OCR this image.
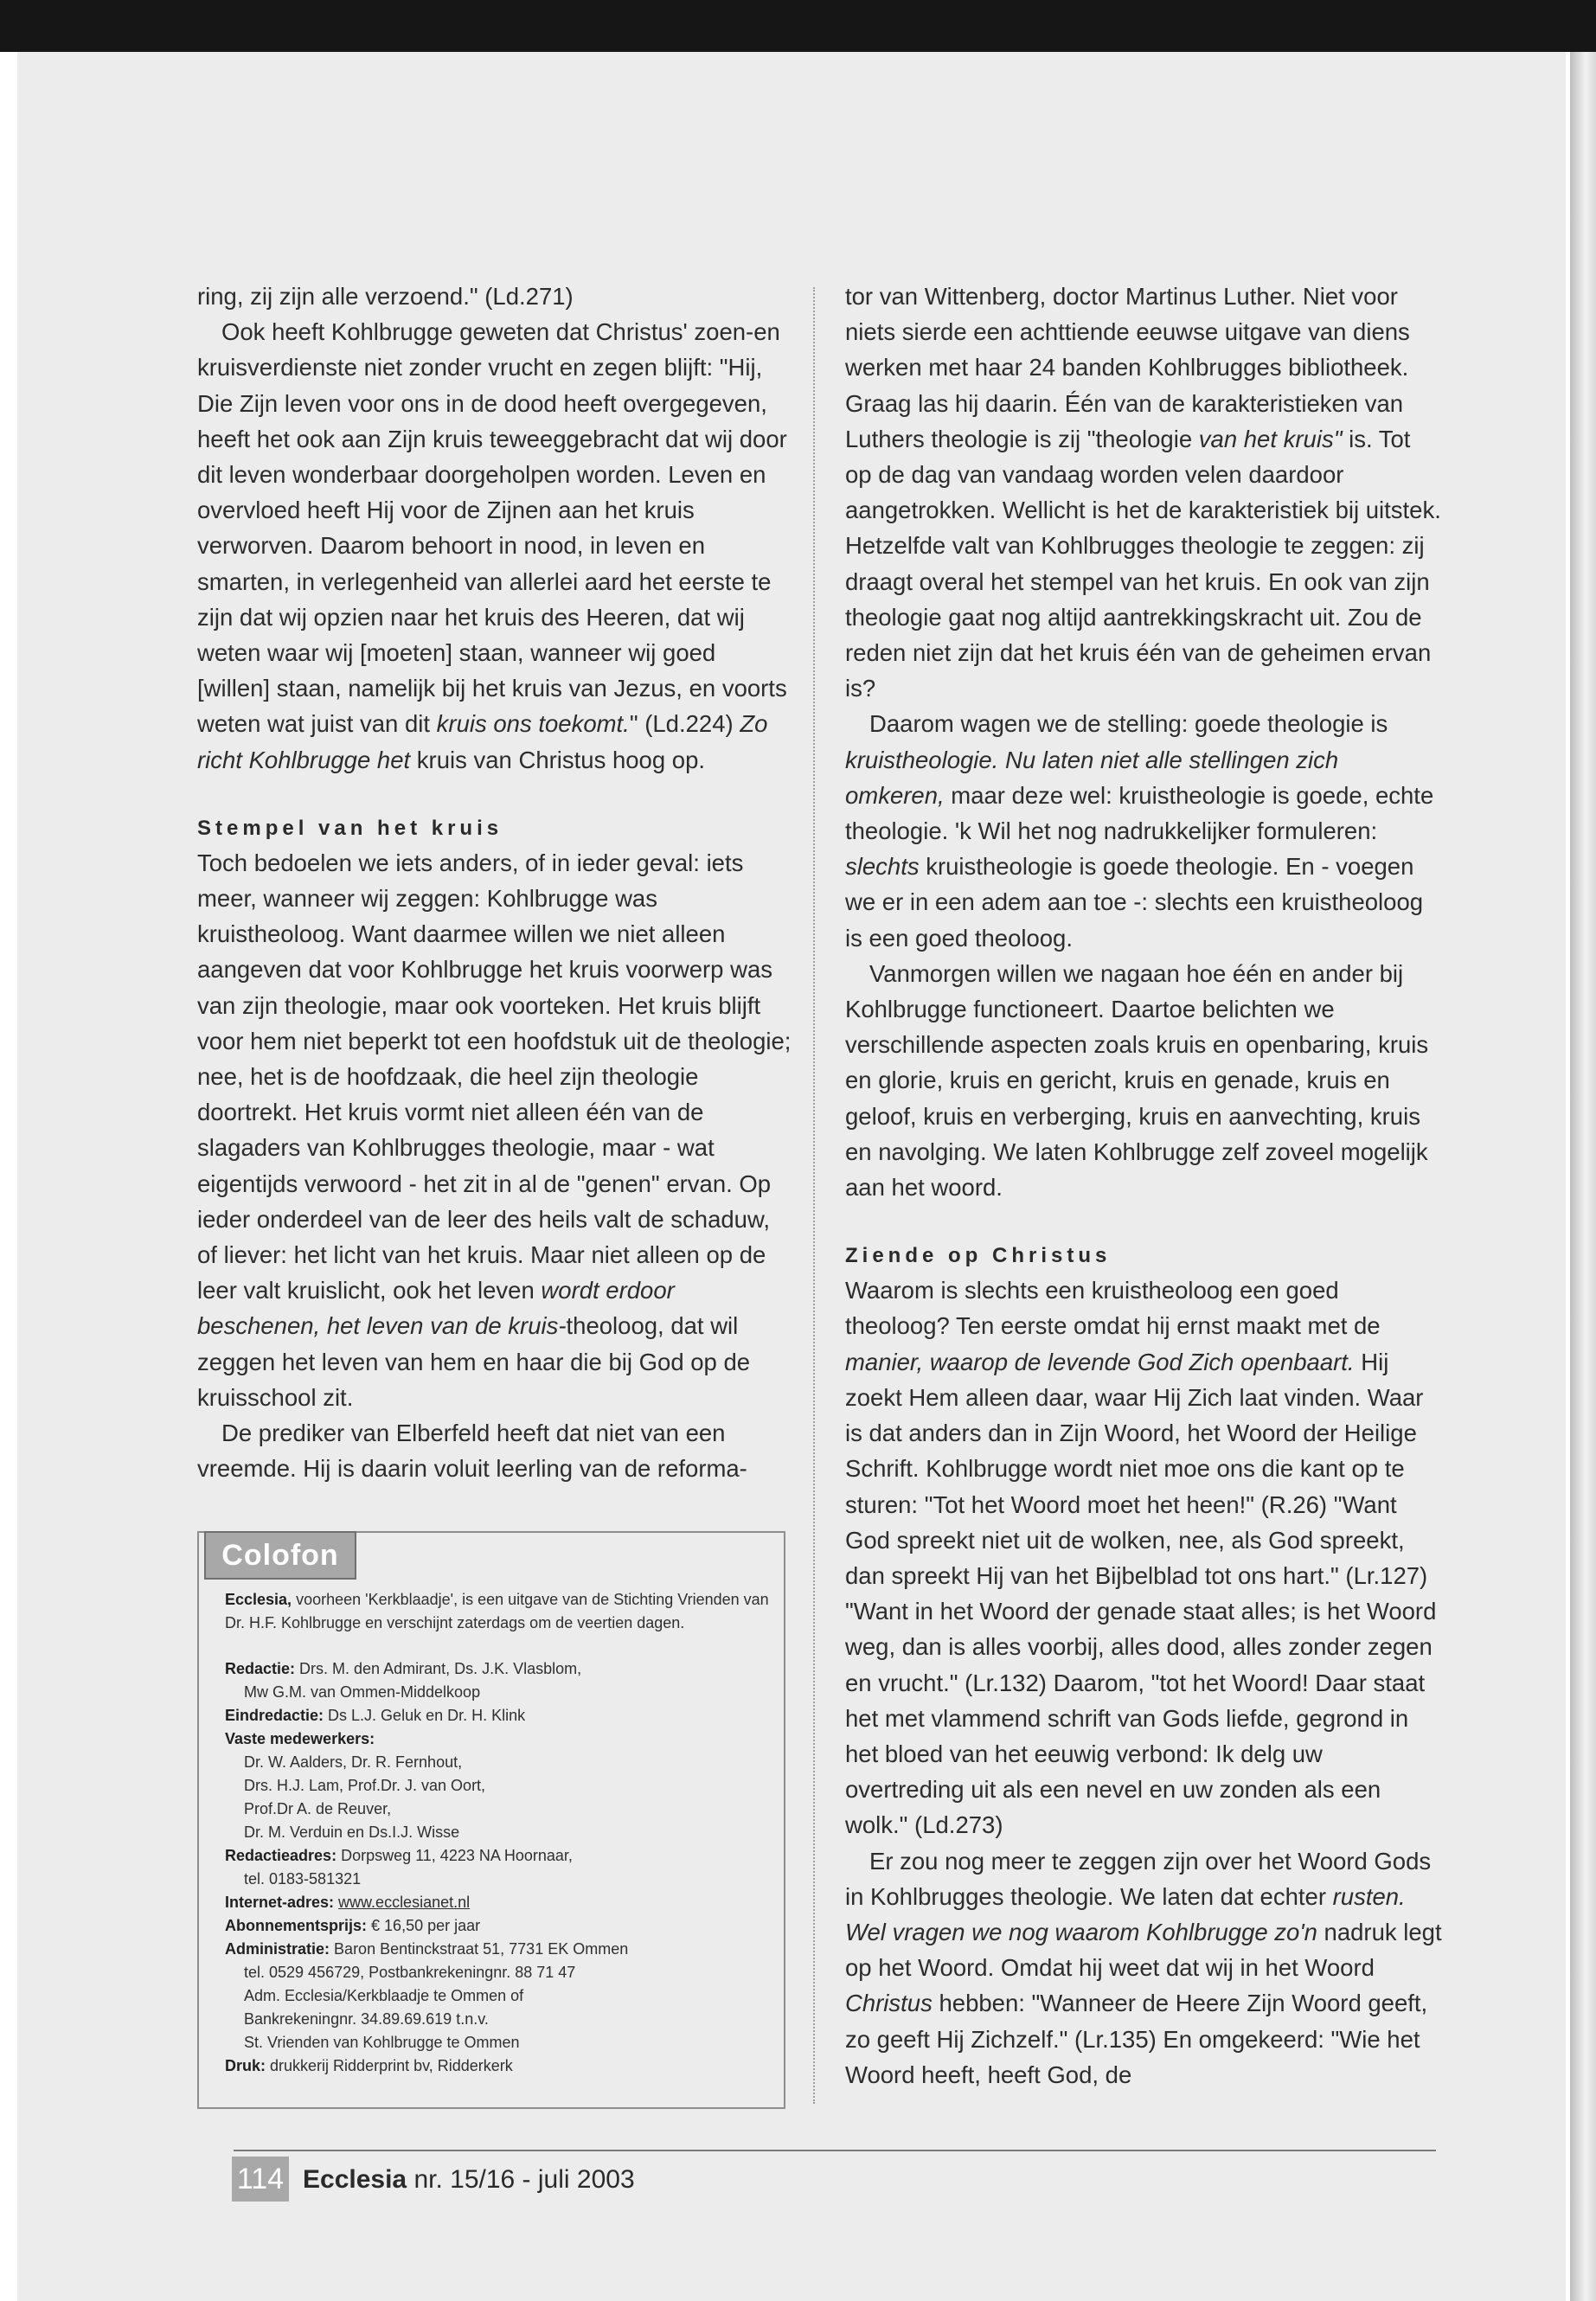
ring, zij zijn alle verzoend." (Ld.271)

Ook heeft Kohlbrugge geweten dat Christus' zoen-en kruisverdienste niet zonder vrucht en zegen blijft: "Hij, Die Zijn leven voor ons in de dood heeft overgegeven, heeft het ook aan Zijn kruis teweeggebracht dat wij door dit leven wonderbaar doorgeholpen worden. Leven en overvloed heeft Hij voor de Zijnen aan het kruis verworven. Daarom behoort in nood, in leven en smarten, in verlegenheid van allerlei aard het eerste te zijn dat wij opzien naar het kruis des Heeren, dat wij weten waar wij [moeten] staan, wanneer wij goed [willen] staan, namelijk bij het kruis van Jezus, en voorts weten wat juist van dit kruis ons toekomt." (Ld.224) Zo richt Kohlbrugge het kruis van Christus hoog op.

Stempel van het kruis

Toch bedoelen we iets anders, of in ieder geval: iets meer, wanneer wij zeggen: Kohlbrugge was kruistheoloog. Want daarmee willen we niet alleen aangeven dat voor Kohlbrugge het kruis voorwerp was van zijn theologie, maar ook voorteken. Het kruis blijft voor hem niet beperkt tot een hoofdstuk uit de theologie; nee, het is de hoofdzaak, die heel zijn theologie doortrekt. Het kruis vormt niet alleen één van de slagaders van Kohlbrugges theologie, maar - wat eigentijds verwoord - het zit in al de "genen" ervan. Op ieder onderdeel van de leer des heils valt de schaduw, of liever: het licht van het kruis. Maar niet alleen op de leer valt kruislicht, ook het leven wordt erdoor beschenen, het leven van de kruis-theoloog, dat wil zeggen het leven van hem en haar die bij God op de kruisschool zit.

De prediker van Elberfeld heeft dat niet van een vreemde. Hij is daarin voluit leerling van de reforma-

tor van Wittenberg, doctor Martinus Luther. Niet voor niets sierde een achttiende eeuwse uitgave van diens werken met haar 24 banden Kohlbrugges bibliotheek. Graag las hij daarin. Één van de karakteristieken van Luthers theologie is zij "theologie van het kruis" is. Tot op de dag van vandaag worden velen daardoor aangetrokken. Wellicht is het de karakteristiek bij uitstek. Hetzelfde valt van Kohlbrugges theologie te zeggen: zij draagt overal het stempel van het kruis. En ook van zijn theologie gaat nog altijd aantrekkingskracht uit. Zou de reden niet zijn dat het kruis één van de geheimen ervan is?

Daarom wagen we de stelling: goede theologie is kruistheologie. Nu laten niet alle stellingen zich omkeren, maar deze wel: kruistheologie is goede, echte theologie. 'k Wil het nog nadrukkelijker formuleren: slechts kruistheologie is goede theologie. En - voegen we er in een adem aan toe -: slechts een kruistheoloog is een goed theoloog.

Vanmorgen willen we nagaan hoe één en ander bij Kohlbrugge functioneert. Daartoe belichten we verschillende aspecten zoals kruis en openbaring, kruis en glorie, kruis en gericht, kruis en genade, kruis en geloof, kruis en verberging, kruis en aanvechting, kruis en navolging. We laten Kohlbrugge zelf zoveel mogelijk aan het woord.

Ziende op Christus

Waarom is slechts een kruistheoloog een goed theoloog? Ten eerste omdat hij ernst maakt met de manier, waarop de levende God Zich openbaart. Hij zoekt Hem alleen daar, waar Hij Zich laat vinden. Waar is dat anders dan in Zijn Woord, het Woord der Heilige Schrift. Kohlbrugge wordt niet moe ons die kant op te sturen: "Tot het Woord moet het heen!" (R.26) "Want God spreekt niet uit de wolken, nee, als God spreekt, dan spreekt Hij van het Bijbelblad tot ons hart." (Lr.127) "Want in het Woord der genade staat alles; is het Woord weg, dan is alles voorbij, alles dood, alles zonder zegen en vrucht." (Lr.132) Daarom, "tot het Woord! Daar staat het met vlammend schrift van Gods liefde, gegrond in het bloed van het eeuwig verbond: Ik delg uw overtreding uit als een nevel en uw zonden als een wolk." (Ld.273)

Er zou nog meer te zeggen zijn over het Woord Gods in Kohlbrugges theologie. We laten dat echter rusten. Wel vragen we nog waarom Kohlbrugge zo'n nadruk legt op het Woord. Omdat hij weet dat wij in het Woord Christus hebben: "Wanneer de Heere Zijn Woord geeft, zo geeft Hij Zichzelf." (Lr.135) En omgekeerd: "Wie het Woord heeft, heeft God, de

Colofon

Ecclesia, voorheen 'Kerkblaadje', is een uitgave van de Stichting Vrienden van Dr. H.F. Kohlbrugge en verschijnt zaterdags om de veertien dagen.

Redactie: Drs. M. den Admirant, Ds. J.K. Vlasblom,

Mw G.M. van Ommen-Middelkoop

Eindredactie: Ds L.J. Geluk en Dr. H. Klink

Vaste medewerkers:

Dr. W. Aalders, Dr. R. Fernhout,

Drs. H.J. Lam, Prof.Dr. J. van Oort,

Prof.Dr A. de Reuver,

Dr. M. Verduin en Ds.I.J. Wisse

Redactieadres: Dorpsweg 11, 4223 NA Hoornaar,

tel. 0183-581321

Internet-adres: www.ecclesianet.nl

Abonnementsprijs: € 16,50 per jaar

Administratie: Baron Bentinckstraat 51, 7731 EK Ommen

tel. 0529 456729, Postbankrekeningnr. 88 71 47

Adm. Ecclesia/Kerkblaadje te Ommen of

Bankrekeningnr. 34.89.69.619 t.n.v.

St. Vrienden van Kohlbrugge te Ommen

Druk: drukkerij Ridderprint bv, Ridderkerk

114 Ecclesia nr. 15/16 - juli 2003
